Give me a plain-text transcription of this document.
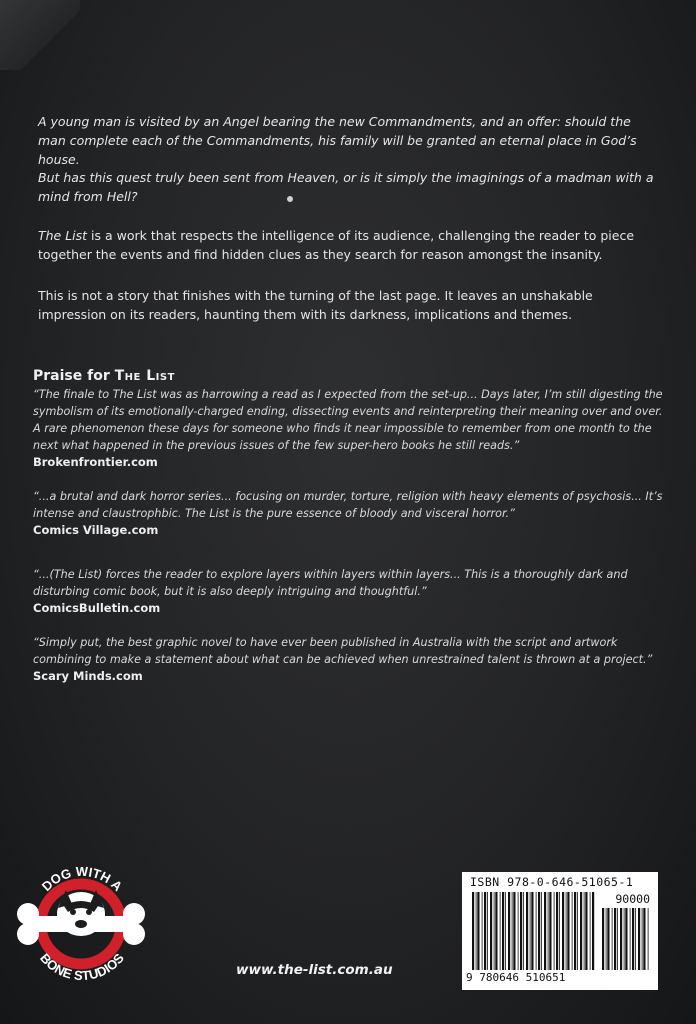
A young man is visited by an Angel bearing the new Commandments, and an offer: should the man complete each of the Commandments, his family will be granted an eternal place in God’s house.

But has this quest truly been sent from Heaven, or is it simply the imaginings of a madman with a mind from Hell?

The List is a work that respects the intelligence of its audience, challenging the reader to piece together the events and find hidden clues as they search for reason amongst the insanity.

This is not a story that finishes with the turning of the last page. It leaves an unshakable impression on its readers, haunting them with its darkness, implications and themes.

Praise for The List
“The finale to The List was as harrowing a read as I expected from the set-up... Days later, I’m still digesting the symbolism of its emotionally-charged ending, dissecting events and reinterpreting their meaning over and over. A rare phenomenon these days for someone who finds it near impossible to remember from one month to the next what happened in the previous issues of the few super-hero books he still reads.”
Brokenfrontier.com
“...a brutal and dark horror series... focusing on murder, torture, religion with heavy elements of psychosis... It’s intense and claustrophbic. The List is the pure essence of bloody and visceral horror.”
Comics Village.com
“...(The List) forces the reader to explore layers within layers within layers... This is a thoroughly dark and disturbing comic book, but it is also deeply intriguing and thoughtful.”
ComicsBulletin.com
“Simply put, the best graphic novel to have ever been published in Australia with the script and artwork combining to make a statement about what can be achieved when unrestrained talent is thrown at a project.”
Scary Minds.com
DOG WITH A
BONE STUDIOS
www.the-list.com.au
ISBN 978-0-646-51065-1
90000
9 780646 510651
